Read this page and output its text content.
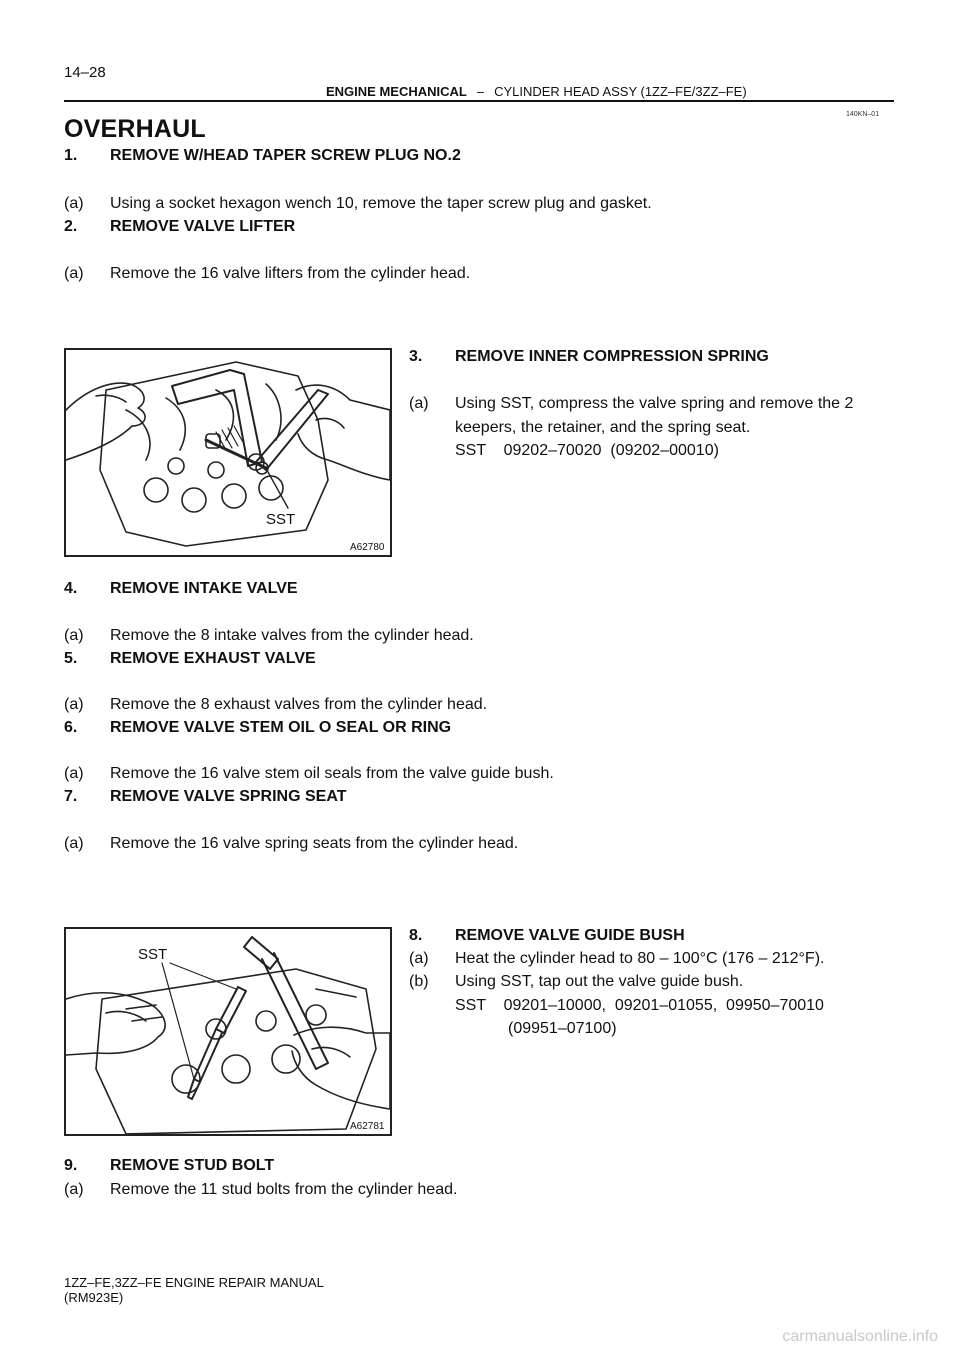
14–28
ENGINE MECHANICAL – CYLINDER HEAD ASSY (1ZZ–FE/3ZZ–FE)
140KN–01
OVERHAUL
1. REMOVE W/HEAD TAPER SCREW PLUG NO.2
(a) Using a socket hexagon wench 10, remove the taper screw plug and gasket.
2. REMOVE VALVE LIFTER
(a) Remove the 16 valve lifters from the cylinder head.
SST
A62780
3. REMOVE INNER COMPRESSION SPRING
(a) Using SST, compress the valve spring and remove the 2
keepers, the retainer, and the spring seat.
SST    09202–70020  (09202–00010)
4. REMOVE INTAKE VALVE
(a) Remove the 8 intake valves from the cylinder head.
5. REMOVE EXHAUST VALVE
(a) Remove the 8 exhaust valves from the cylinder head.
6. REMOVE VALVE STEM OIL O SEAL OR RING
(a) Remove the 16 valve stem oil seals from the valve guide bush.
7. REMOVE VALVE SPRING SEAT
(a) Remove the 16 valve spring seats from the cylinder head.
SST
A62781
8. REMOVE VALVE GUIDE BUSH
(a) Heat the cylinder head to 80 – 100°C (176 – 212°F).
(b) Using SST, tap out the valve guide bush.
SST    09201–10000,  09201–01055,  09950–70010
(09951–07100)
9. REMOVE STUD BOLT
(a) Remove the 11 stud bolts from the cylinder head.
1ZZ–FE,3ZZ–FE ENGINE REPAIR MANUAL
(RM923E)
carmanualsonline.info
